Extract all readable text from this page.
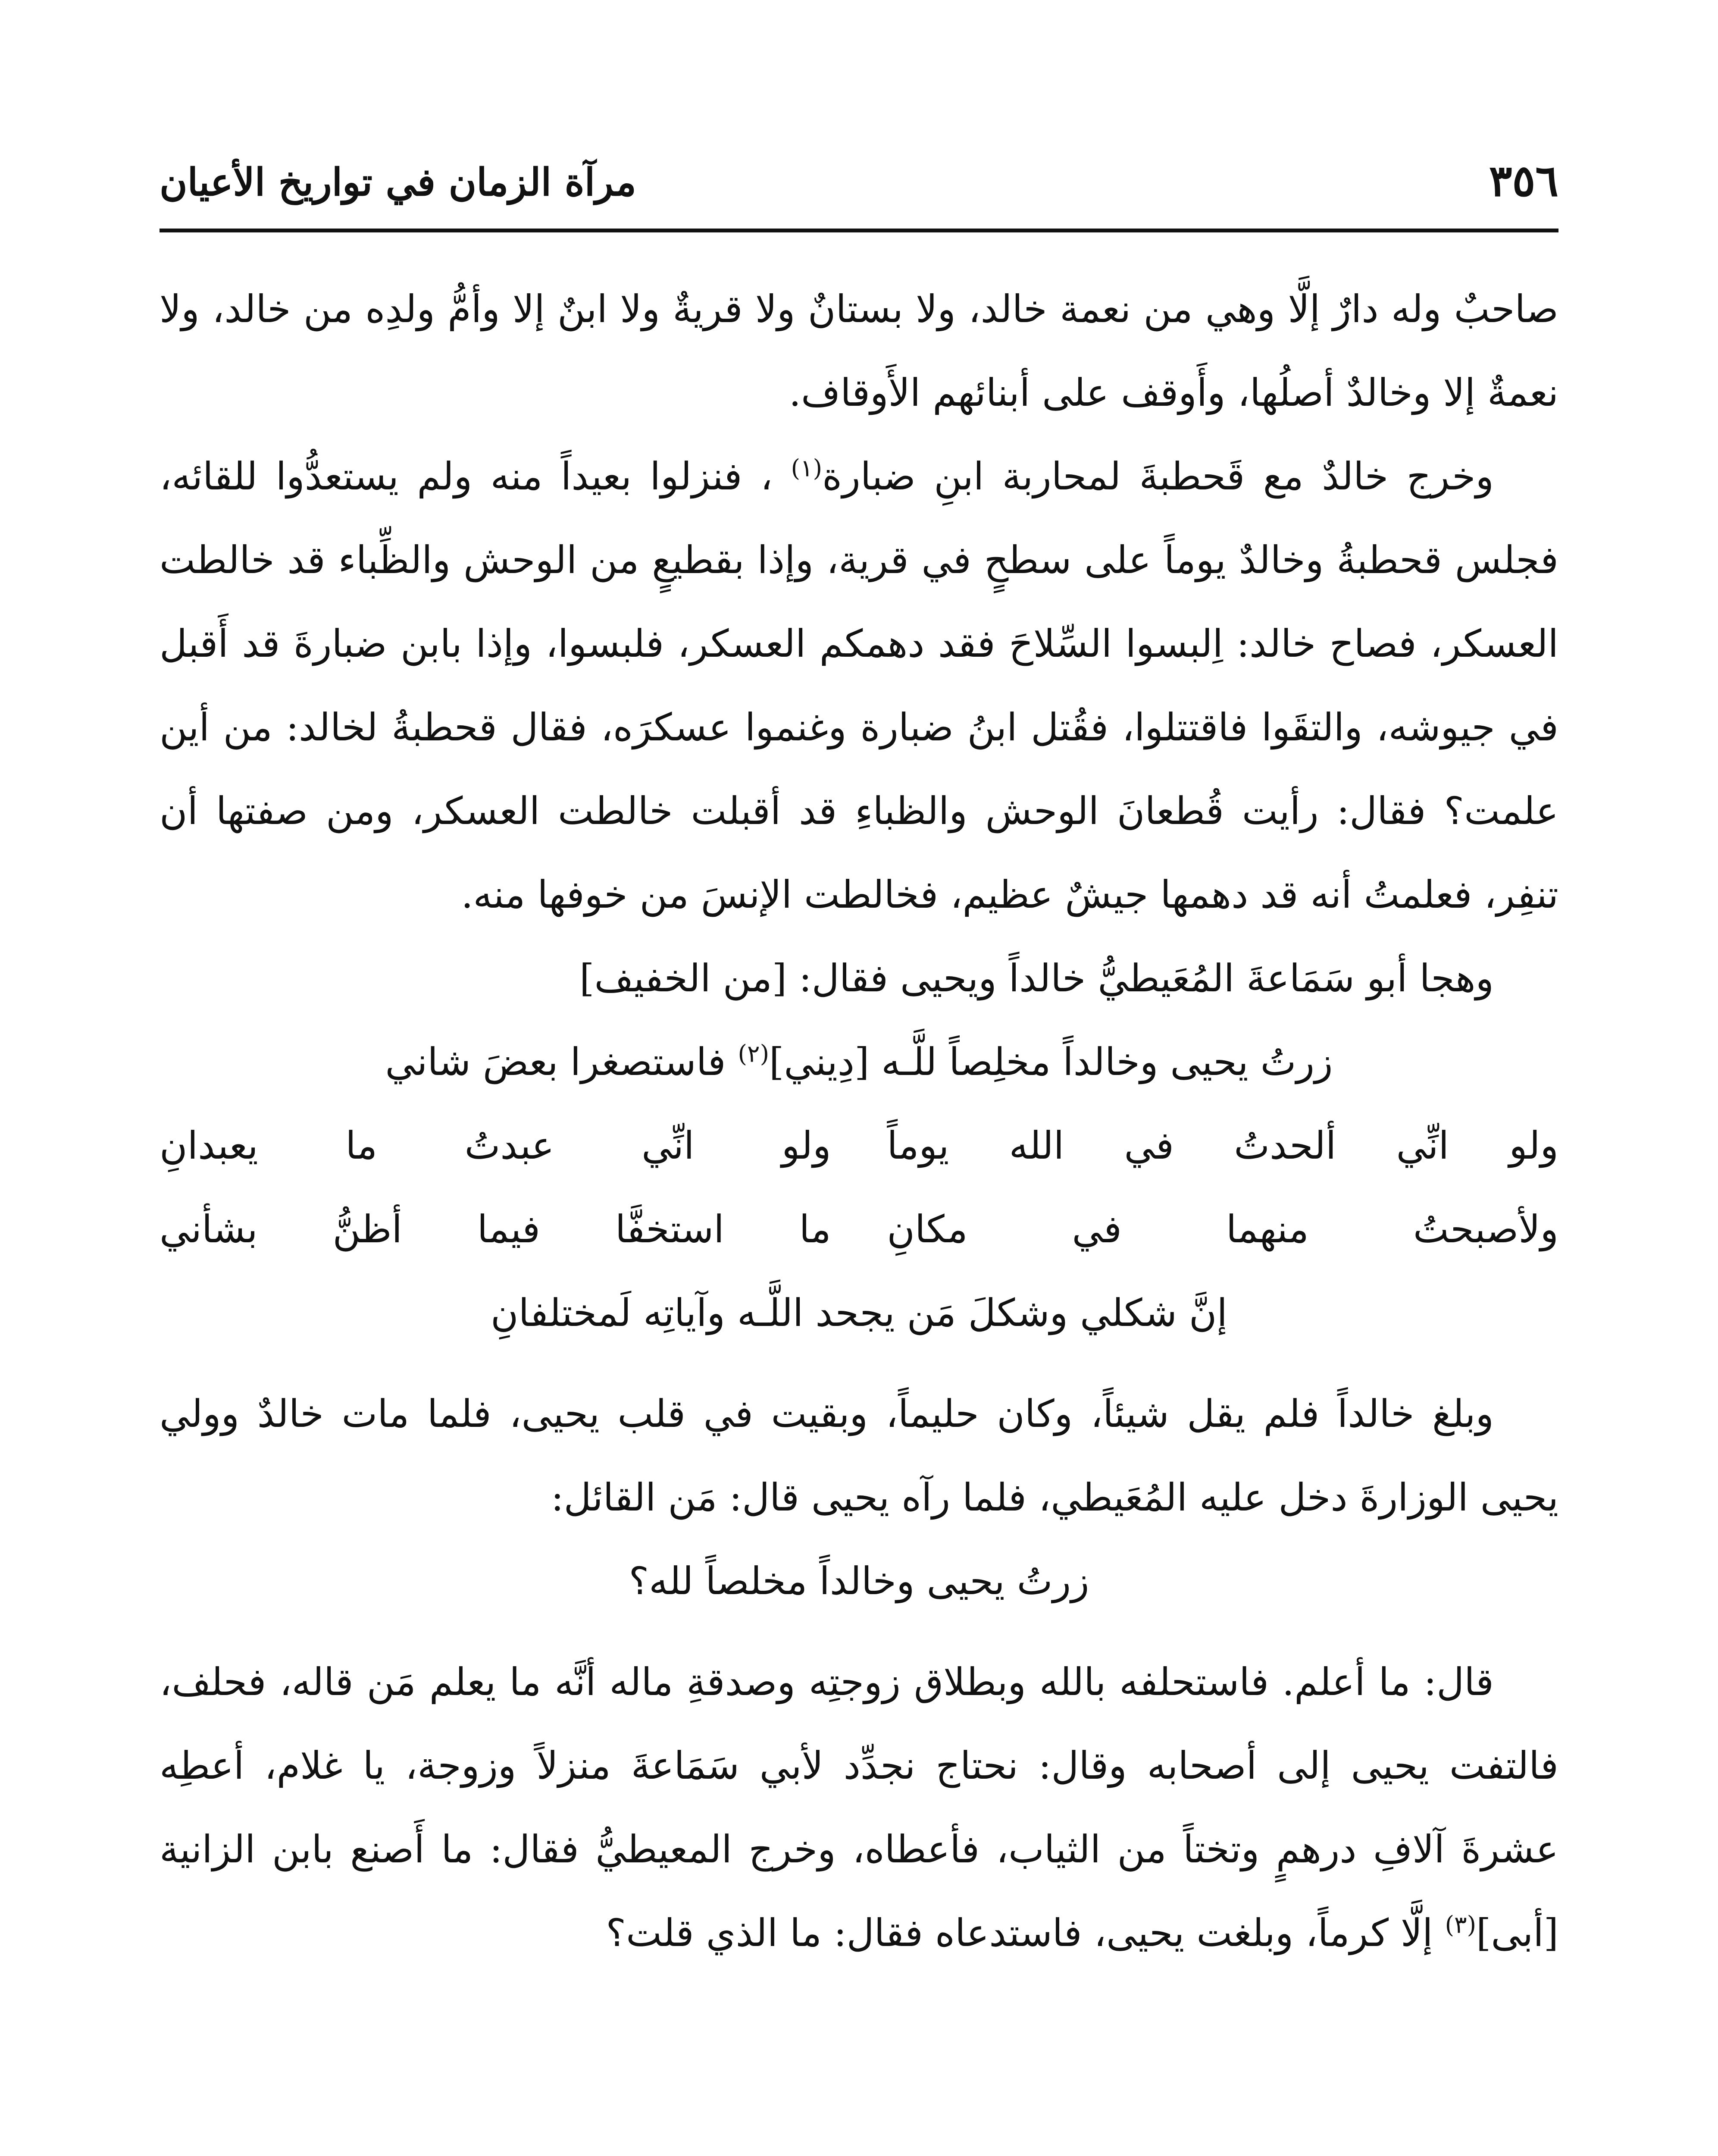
٣٥٦
مرآة الزمان في تواريخ الأعيان

صاحبٌ وله دارٌ إلَّا وهي من نعمة خالد، ولا بستانٌ ولا قريةٌ ولا ابنٌ إلا وأمُّ ولدِه من خالد، ولا نعمةٌ إلا وخالدٌ أصلُها، وأَوقف على أبنائهم الأَوقاف.

وخرج خالدٌ مع قَحطبةَ لمحاربة ابنِ ضبارة$^{(١)}$ ، فنزلوا بعيداً منه ولم يستعدُّوا للقائه، فجلس قحطبةُ وخالدٌ يوماً على سطحٍ في قرية، وإذا بقطيعٍ من الوحش والظِّباء قد خالطت العسكر، فصاح خالد: اِلبسوا السِّلاحَ فقد دهمكم العسكر، فلبسوا، وإذا بابن ضبارةَ قد أَقبل في جيوشه، والتقَوا فاقتتلوا، فقُتل ابنُ ضبارة وغنموا عسكرَه، فقال قحطبةُ لخالد: من أين علمت؟ فقال: رأيت قُطعانَ الوحش والظباءِ قد أقبلت خالطت العسكر، ومن صفتها أن تنفِر، فعلمتُ أنه قد دهمها جيشٌ عظيم، فخالطت الإنسَ من خوفها منه.

وهجا أبو سَمَاعةَ المُعَيطيُّ خالداً ويحيى فقال: [من الخفيف]

زرتُ يحيى وخالداً مخلِصاً للَّـه [دِيني]$^{(٢)}$ فاستصغرا بعضَ شاني

ولو انِّي ألحدتُ في الله يوماً
ولو انِّي عبدتُ ما يعبدانِ
ولأصبحتُ منهما في مكانِ
ما استخفَّا فيما أظنُّ بشأني

إنَّ شكلي وشكلَ مَن يجحد اللَّـه وآياتِه لَمختلفانِ

وبلغ خالداً فلم يقل شيئاً، وكان حليماً، وبقيت في قلب يحيى، فلما مات خالدٌ وولي يحيى الوزارةَ دخل عليه المُعَيطي، فلما رآه يحيى قال: مَن القائل:

زرتُ يحيى وخالداً مخلصاً لله؟

قال: ما أعلم. فاستحلفه بالله وبطلاق زوجتِه وصدقةِ ماله أنَّه ما يعلم مَن قاله، فحلف، فالتفت يحيى إلى أصحابه وقال: نحتاج نجدِّد لأبي سَمَاعةَ منزلاً وزوجة، يا غلام، أعطِه عشرةَ آلافِ درهمٍ وتختاً من الثياب، فأعطاه، وخرج المعيطيُّ فقال: ما أَصنع بابن الزانية [أبى]$^{(٣)}$ إلَّا كرماً، وبلغت يحيى، فاستدعاه فقال: ما الذي قلت؟
